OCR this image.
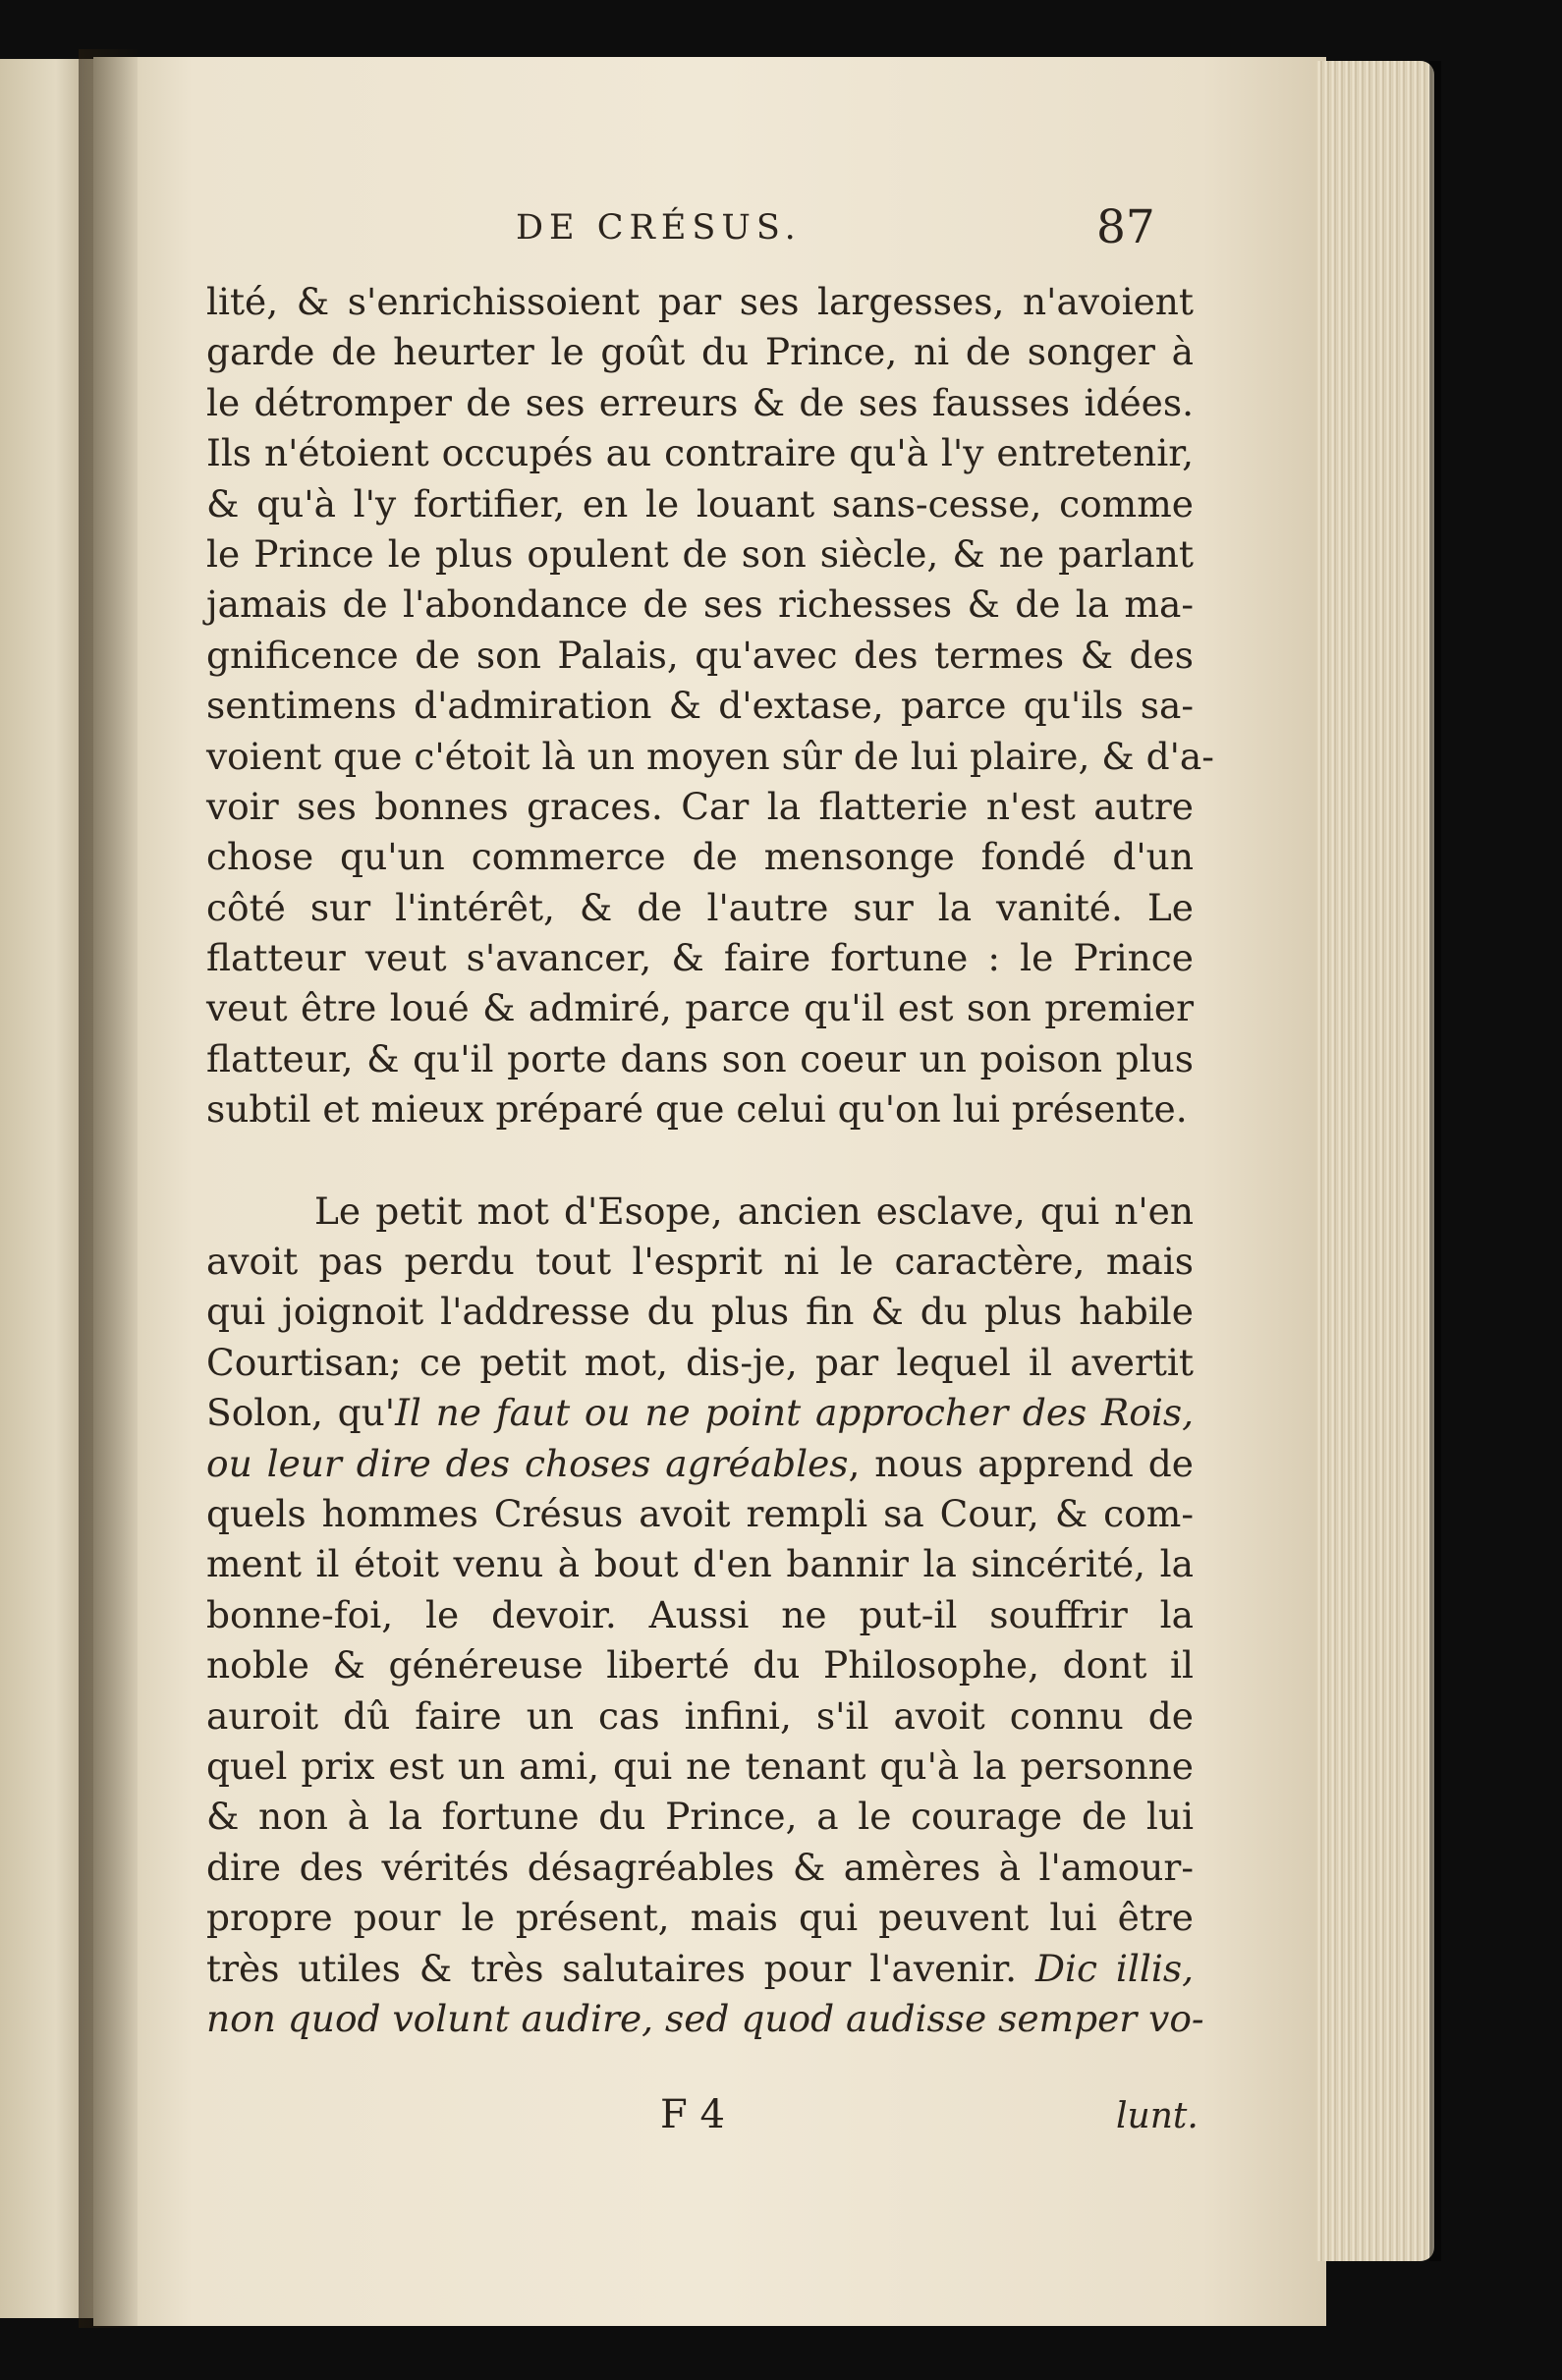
DE CRÉSUS.	87
lité, & s'enrichissoient par ses largesses, n'avoient
garde de heurter le goût du Prince, ni de songer à
le détromper de ses erreurs & de ses fausses idées.
Ils n'étoient occupés au contraire qu'à l'y entretenir,
& qu'à l'y fortifier, en le louant sans-cesse, comme
le Prince le plus opulent de son siècle, & ne parlant
jamais de l'abondance de ses richesses & de la ma-
gnificence de son Palais, qu'avec des termes & des
sentimens d'admiration & d'extase, parce qu'ils sa-
voient que c'étoit là un moyen sûr de lui plaire, & d'a-
voir ses bonnes graces. Car la flatterie n'est autre
chose qu'un commerce de mensonge fondé d'un
côté sur l'intérêt, & de l'autre sur la vanité. Le
flatteur veut s'avancer, & faire fortune : le Prince
veut être loué & admiré, parce qu'il est son premier
flatteur, & qu'il porte dans son coeur un poison plus
subtil et mieux préparé que celui qu'on lui présente.
Le petit mot d'Esope, ancien esclave, qui n'en
avoit pas perdu tout l'esprit ni le caractère, mais
qui joignoit l'addresse du plus fin & du plus habile
Courtisan; ce petit mot, dis-je, par lequel il avertit
Solon, qu'Il ne faut ou ne point approcher des Rois,
ou leur dire des choses agréables, nous apprend de
quels hommes Crésus avoit rempli sa Cour, & com-
ment il étoit venu à bout d'en bannir la sincérité, la
bonne-foi, le devoir. Aussi ne put-il souffrir la
noble & généreuse liberté du Philosophe, dont il
auroit dû faire un cas infini, s'il avoit connu de
quel prix est un ami, qui ne tenant qu'à la personne
& non à la fortune du Prince, a le courage de lui
dire des vérités désagréables & amères à l'amour-
propre pour le présent, mais qui peuvent lui être
très utiles & très salutaires pour l'avenir. Dic illis,
non quod volunt audire, sed quod audisse semper vo-
F 4	lunt.
